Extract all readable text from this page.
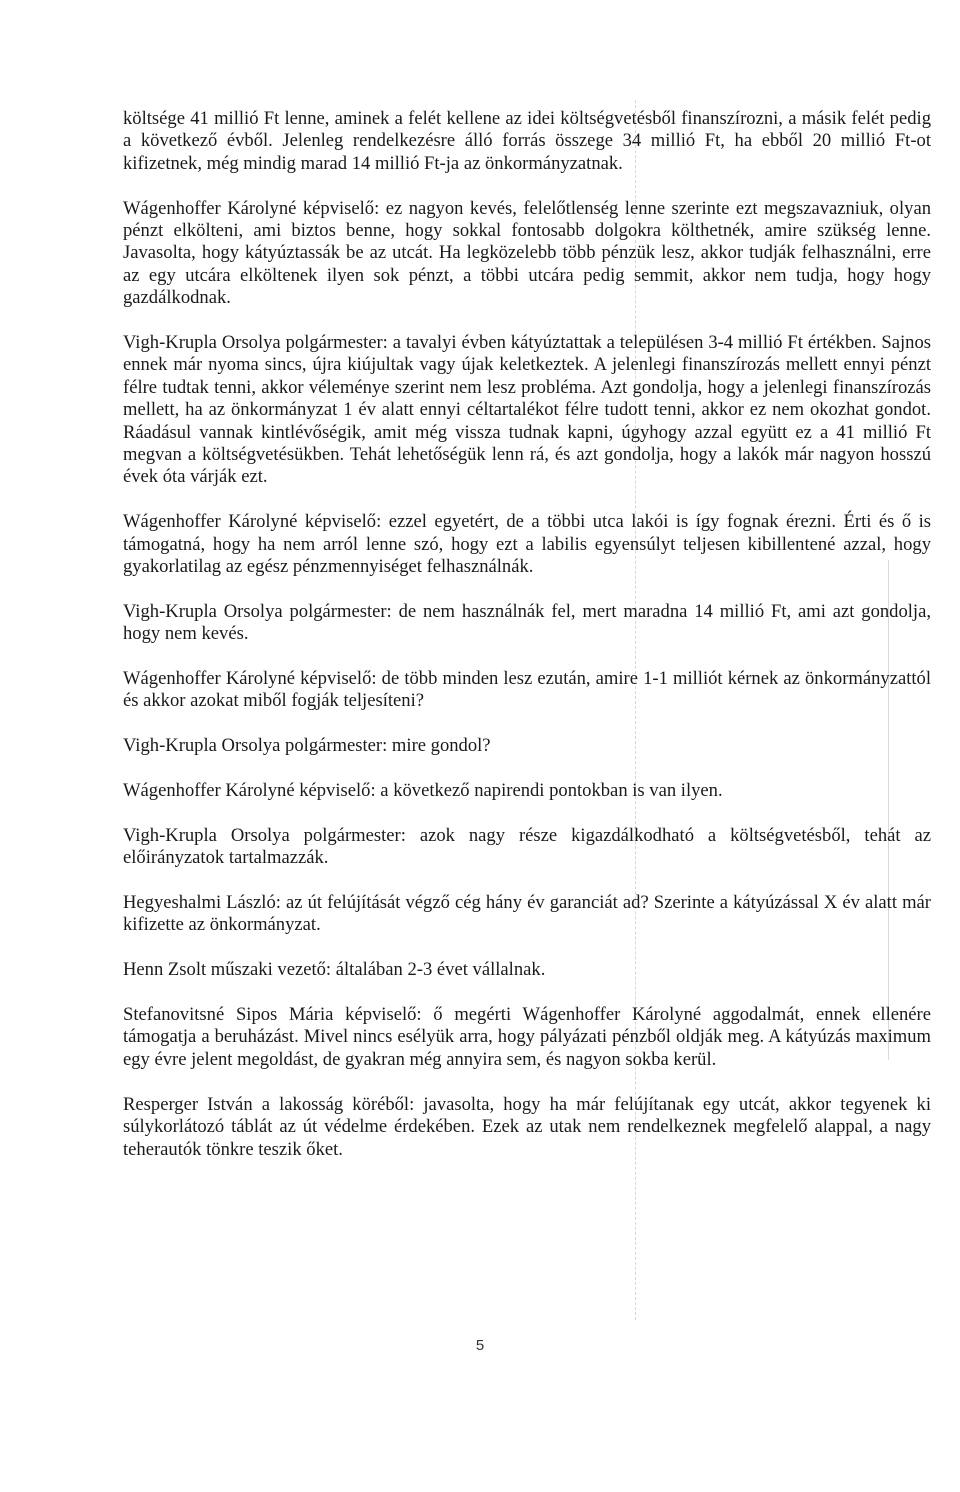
költsége 41 millió Ft lenne, aminek a felét kellene az idei költségvetésből finanszírozni, a másik felét pedig a következő évből. Jelenleg rendelkezésre álló forrás összege 34 millió Ft, ha ebből 20 millió Ft-ot kifizetnek, még mindig marad 14 millió Ft-ja az önkormányzatnak.

Wágenhoffer Károlyné képviselő: ez nagyon kevés, felelőtlenség lenne szerinte ezt megszavazniuk, olyan pénzt elkölteni, ami biztos benne, hogy sokkal fontosabb dolgokra költhetnék, amire szükség lenne. Javasolta, hogy kátyúztassák be az utcát. Ha legközelebb több pénzük lesz, akkor tudják felhasználni, erre az egy utcára elköltenek ilyen sok pénzt, a többi utcára pedig semmit, akkor nem tudja, hogy hogy gazdálkodnak.

Vigh-Krupla Orsolya polgármester: a tavalyi évben kátyúztattak a településen 3-4 millió Ft értékben. Sajnos ennek már nyoma sincs, újra kiújultak vagy újak keletkeztek. A jelenlegi finanszírozás mellett ennyi pénzt félre tudtak tenni, akkor véleménye szerint nem lesz probléma. Azt gondolja, hogy a jelenlegi finanszírozás mellett, ha az önkormányzat 1 év alatt ennyi céltartalékot félre tudott tenni, akkor ez nem okozhat gondot. Ráadásul vannak kintlévőségik, amit még vissza tudnak kapni, úgyhogy azzal együtt ez a 41 millió Ft megvan a költségvetésükben. Tehát lehetőségük lenn rá, és azt gondolja, hogy a lakók már nagyon hosszú évek óta várják ezt.

Wágenhoffer Károlyné képviselő: ezzel egyetért, de a többi utca lakói is így fognak érezni. Érti és ő is támogatná, hogy ha nem arról lenne szó, hogy ezt a labilis egyensúlyt teljesen kibillentené azzal, hogy gyakorlatilag az egész pénzmennyiséget felhasználnák.

Vigh-Krupla Orsolya polgármester: de nem használnák fel, mert maradna 14 millió Ft, ami azt gondolja, hogy nem kevés.

Wágenhoffer Károlyné képviselő: de több minden lesz ezután, amire 1-1 milliót kérnek az önkormányzattól és akkor azokat miből fogják teljesíteni?

Vigh-Krupla Orsolya polgármester: mire gondol?

Wágenhoffer Károlyné képviselő: a következő napirendi pontokban is van ilyen.

Vigh-Krupla Orsolya polgármester: azok nagy része kigazdálkodható a költségvetésből, tehát az előirányzatok tartalmazzák.

Hegyeshalmi László: az út felújítását végző cég hány év garanciát ad? Szerinte a kátyúzással X év alatt már kifizette az önkormányzat.

Henn Zsolt műszaki vezető: általában 2-3 évet vállalnak.

Stefanovitsné Sipos Mária képviselő: ő megérti Wágenhoffer Károlyné aggodalmát, ennek ellenére támogatja a beruházást. Mivel nincs esélyük arra, hogy pályázati pénzből oldják meg. A kátyúzás maximum egy évre jelent megoldást, de gyakran még annyira sem, és nagyon sokba kerül.

Resperger István a lakosság köréből: javasolta, hogy ha már felújítanak egy utcát, akkor tegyenek ki súlykorlátozó táblát az út védelme érdekében. Ezek az utak nem rendelkeznek megfelelő alappal, a nagy teherautók tönkre teszik őket.

5
